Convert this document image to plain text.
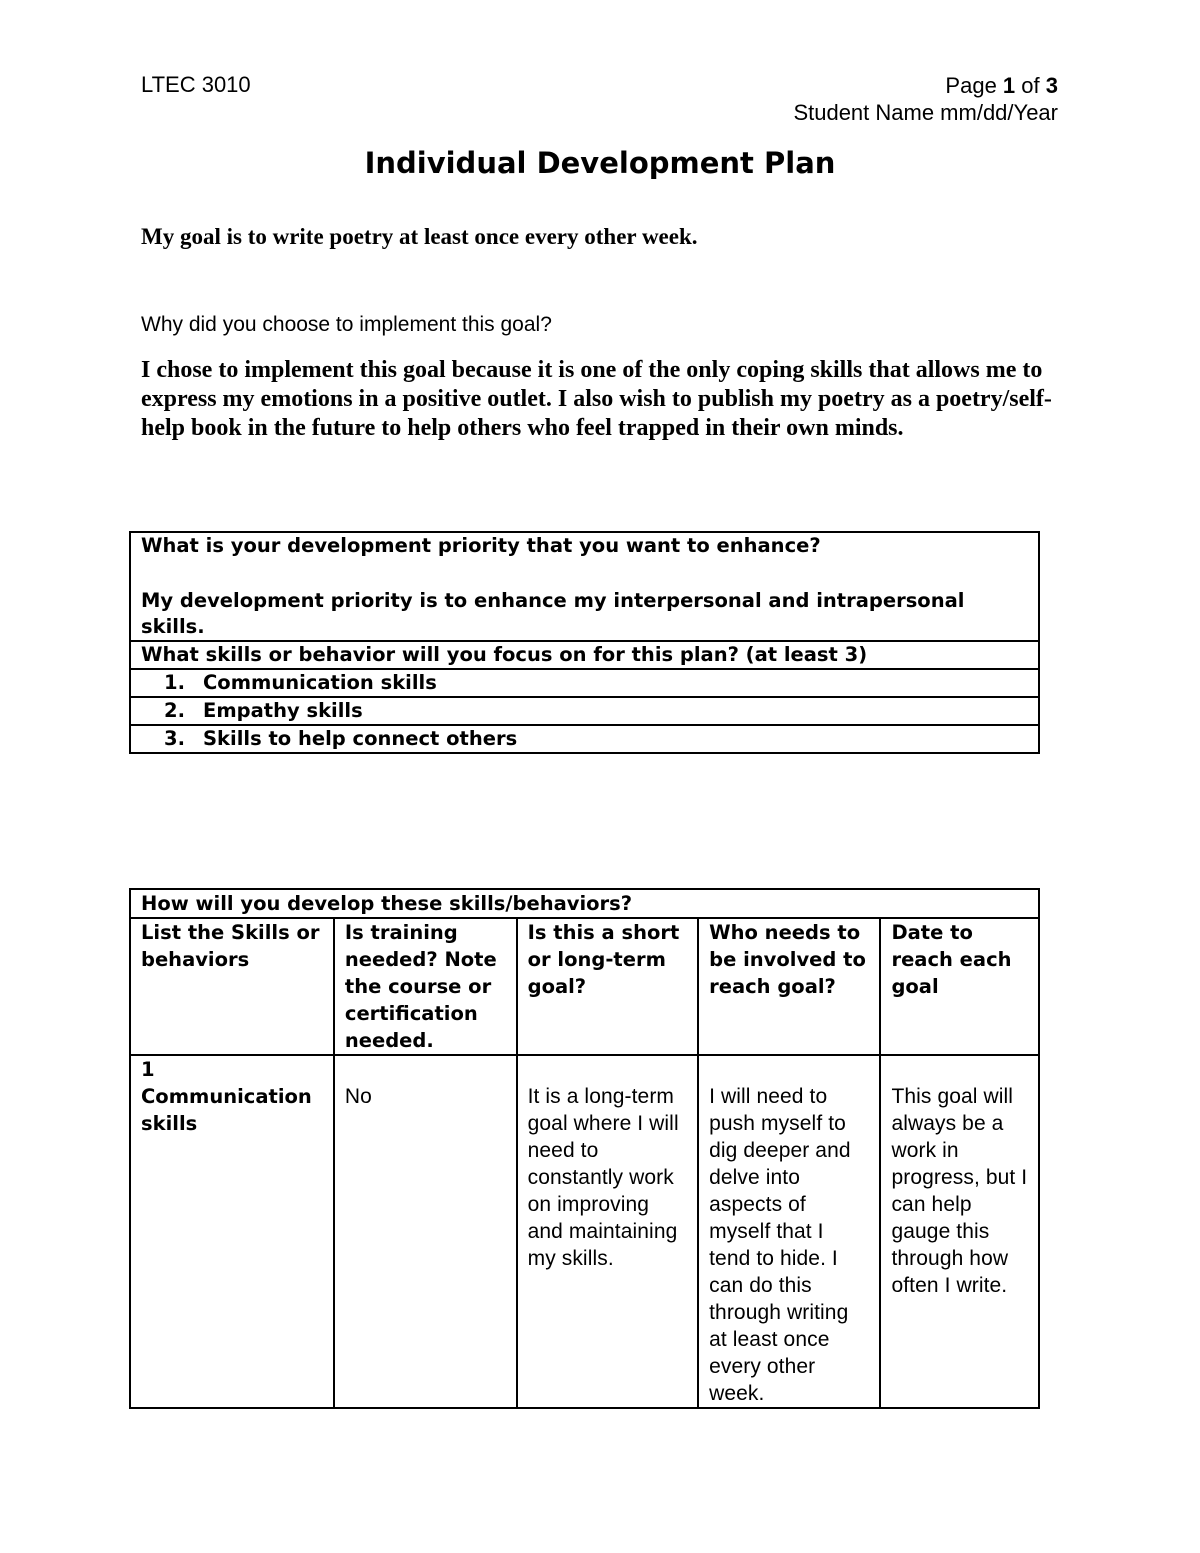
LTEC 3010	Page 1 of 3
Student Name mm/dd/Year
Individual Development Plan
My goal is to write poetry at least once every other week.
Why did you choose to implement this goal?
I chose to implement this goal because it is one of the only coping skills that allows me to express my emotions in a positive outlet. I also wish to publish my poetry as a poetry/self-help book in the future to help others who feel trapped in their own minds.
What is your development priority that you want to enhance?
My development priority is to enhance my interpersonal and intrapersonal skills.

What skills or behavior will you focus on for this plan? (at least 3)
1. Communication skills
2. Empathy skills
3. Skills to help connect others
How will you develop these skills/behaviors?				
List the Skills or behaviors	Is training needed? Note the course or certification needed.	Is this a short or long-term goal?	Who needs to be involved to reach goal?	Date to reach each goal

1
Communication skills	No	It is a long-term goal where I will need to constantly work on improving and maintaining my skills.	I will need to push myself to dig deeper and delve into aspects of myself that I tend to hide. I can do this through writing at least once every other week.	This goal will always be a work in progress, but I can help gauge this through how often I write.
